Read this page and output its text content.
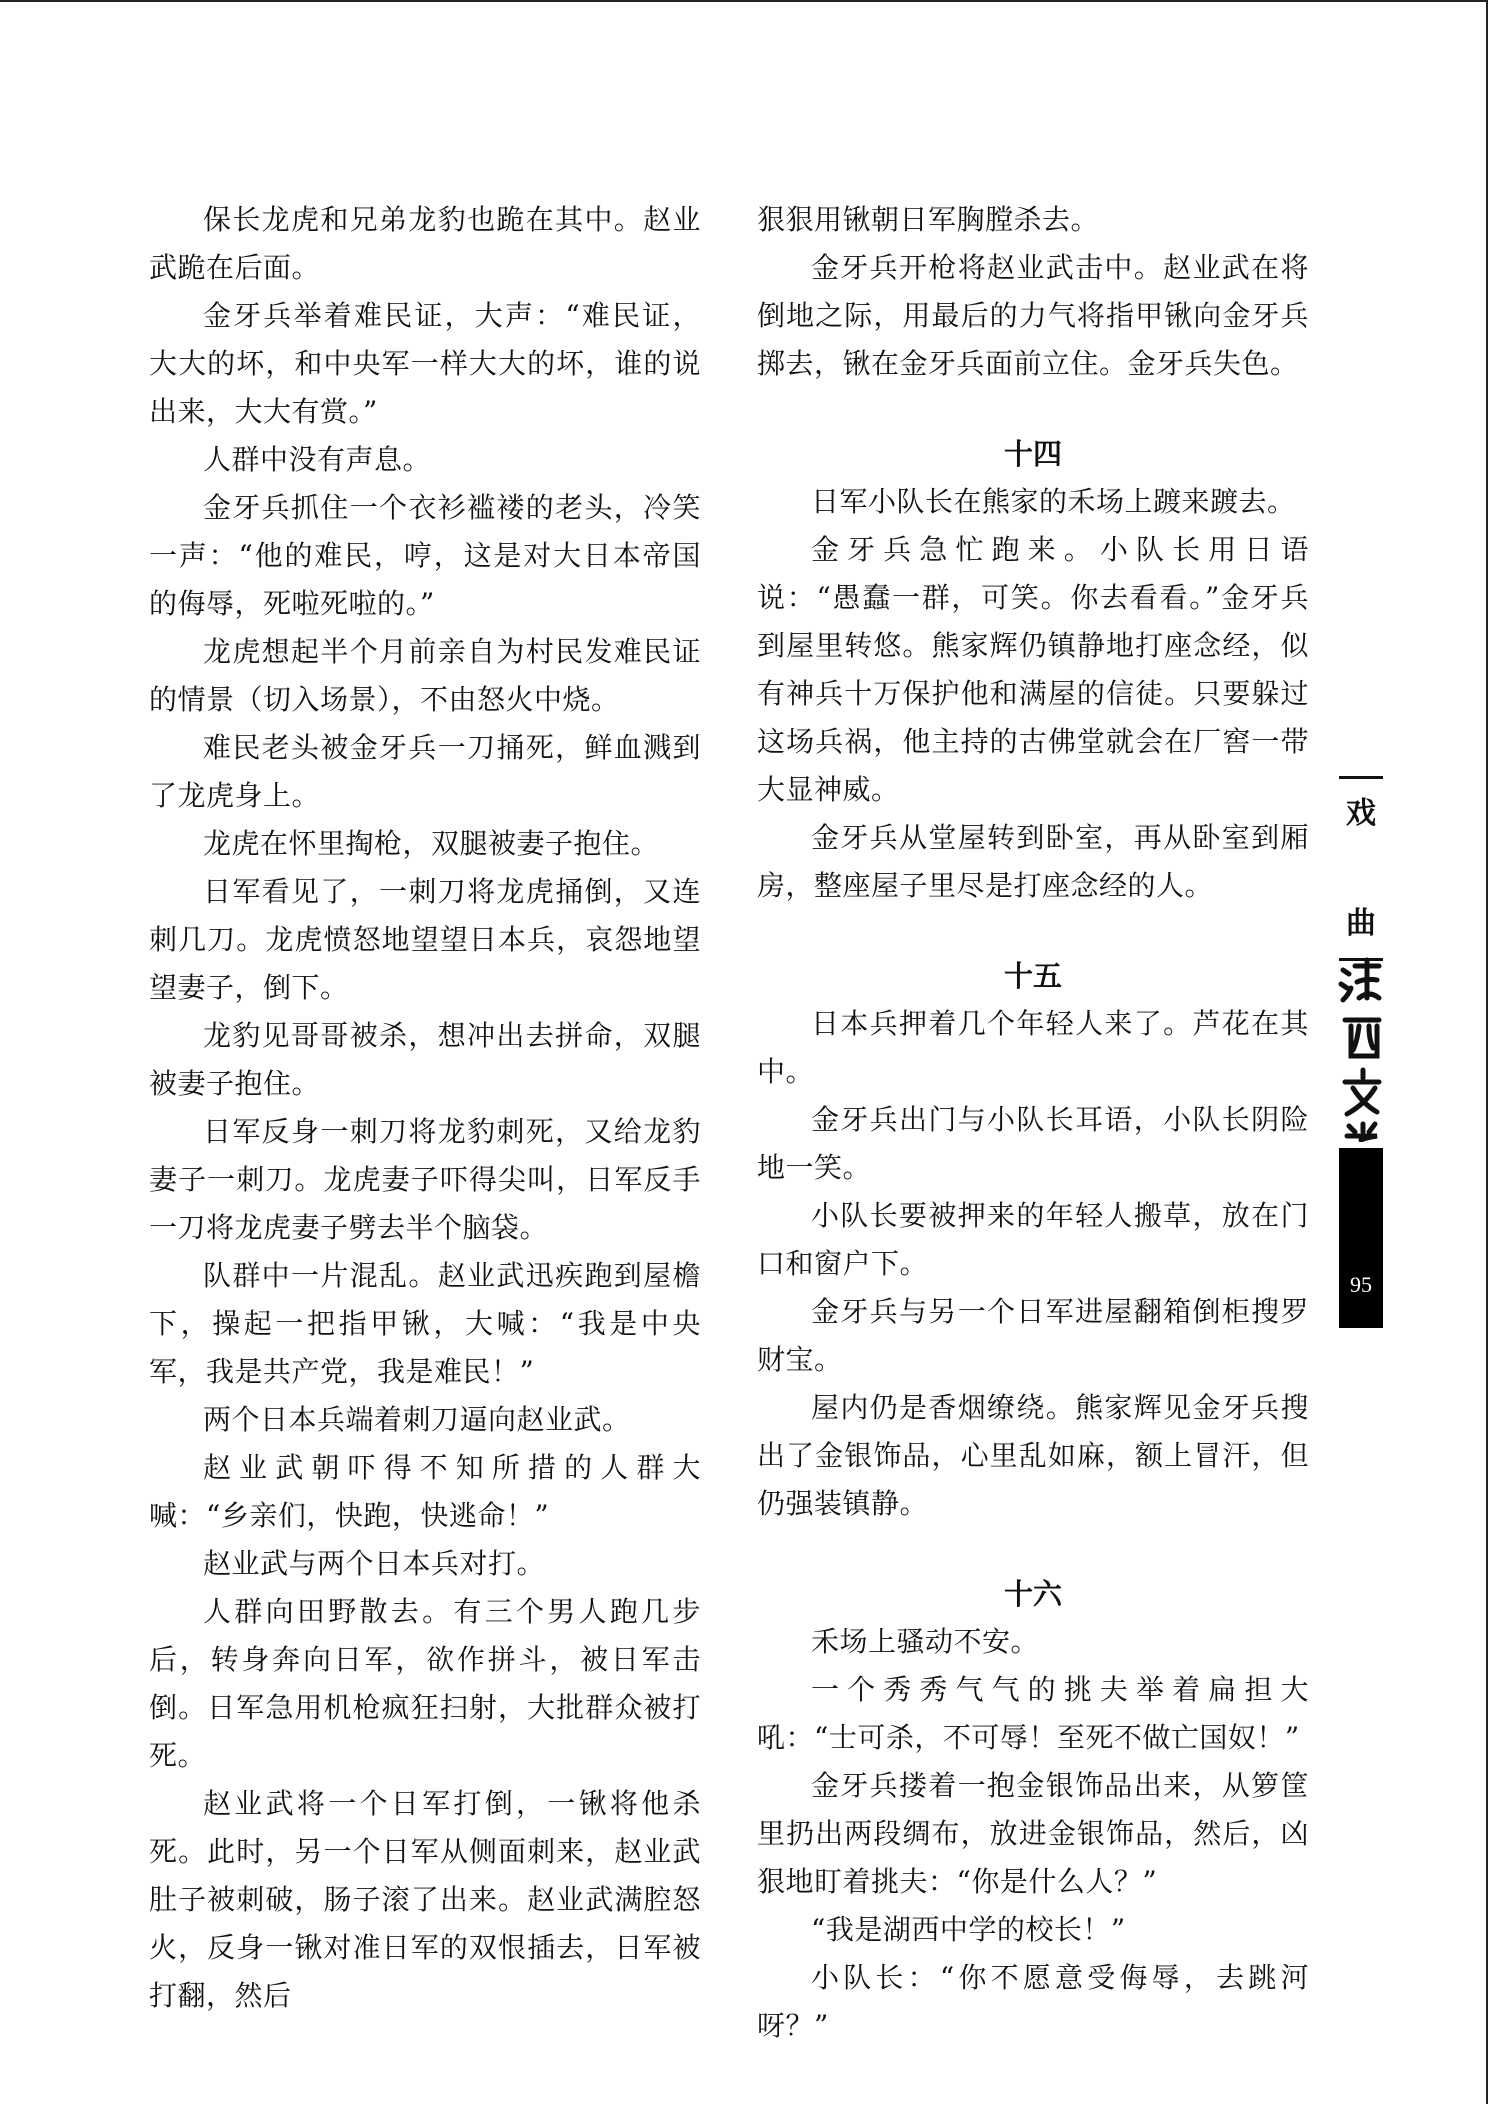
保长龙虎和兄弟龙豹也跪在其中。赵业武跪在后面。

金牙兵举着难民证，大声：“难民证，大大的坏，和中央军一样大大的坏，谁的说出来，大大有赏。”

人群中没有声息。

金牙兵抓住一个衣衫褴褛的老头，冷笑一声：“他的难民，哼，这是对大日本帝国的侮辱，死啦死啦的。”

龙虎想起半个月前亲自为村民发难民证的情景（切入场景），不由怒火中烧。

难民老头被金牙兵一刀捅死，鲜血溅到了龙虎身上。

龙虎在怀里掏枪，双腿被妻子抱住。

日军看见了，一刺刀将龙虎捅倒，又连刺几刀。龙虎愤怒地望望日本兵，哀怨地望望妻子，倒下。

龙豹见哥哥被杀，想冲出去拼命，双腿被妻子抱住。

日军反身一刺刀将龙豹刺死，又给龙豹妻子一刺刀。龙虎妻子吓得尖叫，日军反手一刀将龙虎妻子劈去半个脑袋。

队群中一片混乱。赵业武迅疾跑到屋檐下，操起一把指甲锹，大喊：“我是中央军，我是共产党，我是难民！”

两个日本兵端着刺刀逼向赵业武。

赵业武朝吓得不知所措的人群大喊：“乡亲们，快跑，快逃命！”

赵业武与两个日本兵对打。

人群向田野散去。有三个男人跑几步后，转身奔向日军，欲作拼斗，被日军击倒。日军急用机枪疯狂扫射，大批群众被打死。

赵业武将一个日军打倒，一锹将他杀死。此时，另一个日军从侧面刺来，赵业武肚子被刺破，肠子滚了出来。赵业武满腔怒火，反身一锹对准日军的双恨插去，日军被打翻，然后

狠狠用锹朝日军胸膛杀去。

金牙兵开枪将赵业武击中。赵业武在将倒地之际，用最后的力气将指甲锹向金牙兵掷去，锹在金牙兵面前立住。金牙兵失色。

十四

日军小队长在熊家的禾场上踱来踱去。

金牙兵急忙跑来。小队长用日语说：“愚蠢一群，可笑。你去看看。”金牙兵到屋里转悠。熊家辉仍镇静地打座念经，似有神兵十万保护他和满屋的信徒。只要躲过这场兵祸，他主持的古佛堂就会在厂窖一带大显神威。

金牙兵从堂屋转到卧室，再从卧室到厢房，整座屋子里尽是打座念经的人。

十五

日本兵押着几个年轻人来了。芦花在其中。

金牙兵出门与小队长耳语，小队长阴险地一笑。

小队长要被押来的年轻人搬草，放在门口和窗户下。

金牙兵与另一个日军进屋翻箱倒柜搜罗财宝。

屋内仍是香烟缭绕。熊家辉见金牙兵搜出了金银饰品，心里乱如麻，额上冒汗，但仍强装镇静。

十六

禾场上骚动不安。

一个秀秀气气的挑夫举着扁担大吼：“士可杀，不可辱！至死不做亡国奴！”

金牙兵搂着一抱金银饰品出来，从箩筐里扔出两段绸布，放进金银饰品，然后，凶狠地盯着挑夫：“你是什么人？”

“我是湖西中学的校长！”

小队长：“你不愿意受侮辱，去跳河呀？”

戏
曲
95
